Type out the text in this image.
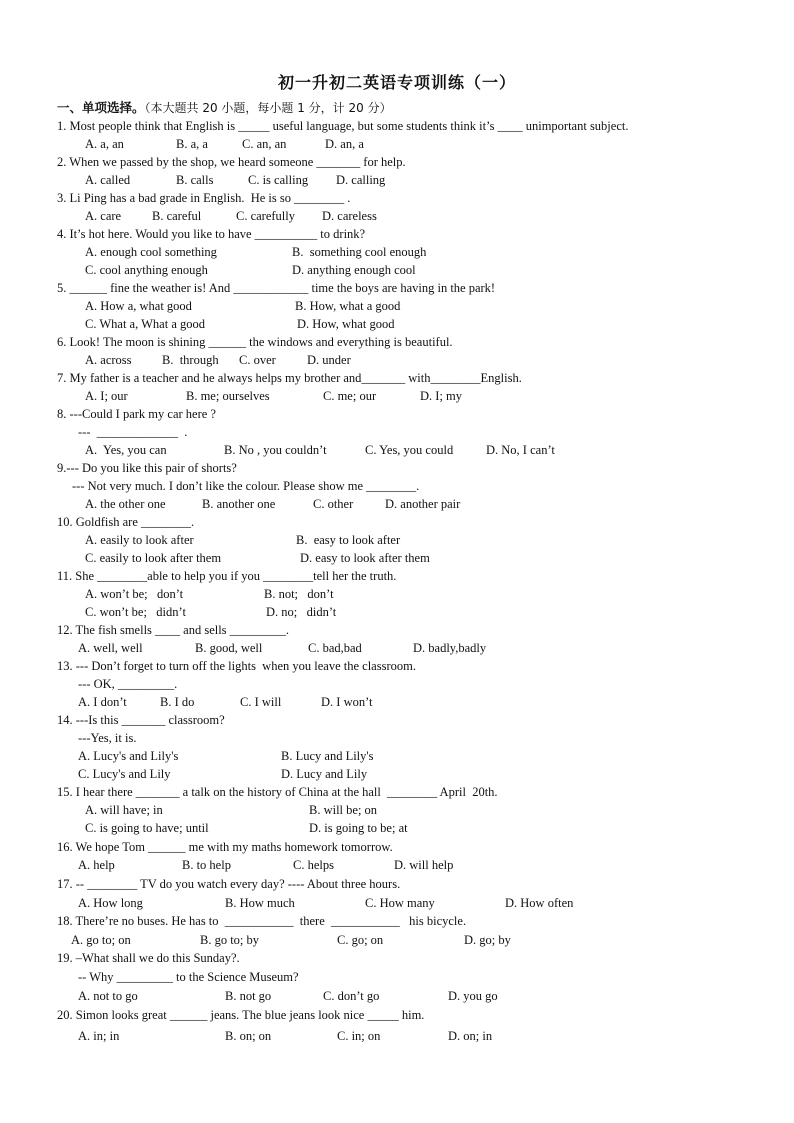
初一升初二英语专项训练（一）
一、单项选择。（本大题共 20 小题，每小题 1 分，计 20 分）
1. Most people think that English is _____ useful language, but some students think it’s ____ unimportant subject.
A. a, an	B. a, a	C. an, an	D. an, a
2. When we passed by the shop, we heard someone _______ for help.
A. called	B. calls	C. is calling D. calling
3. Li Ping has a bad grade in English.  He is so ________ .
A. care B. careful	C. carefully D. careless
4. It’s hot here. Would you like to have __________ to drink?
A. enough cool something	B.  something cool enough
C. cool anything enough	D. anything enough cool
5. ______ fine the weather is! And ____________ time the boys are having in the park!
A. How a, what good	B. How, what a good
C. What a, What a good	D. How, what good
6. Look! The moon is shining ______ the windows and everything is beautiful.
A. across B.  through C. over D. under
7. My father is a teacher and he always helps my brother and_______ with________English.
A. I; our	B. me; ourselves	C. me; our	D. I; my
8. ---Could I park my car here ?
---  _____________  .
A.  Yes, you can	B. No , you couldn’t	C. Yes, you could	D. No, I can’t
9.--- Do you like this pair of shorts?
--- Not very much. I don’t like the colour. Please show me ________.
A. the other one	B. another one	C. other	D. another pair
10. Goldfish are ________.
A. easily to look after	B.  easy to look after
C. easily to look after them	D. easy to look after them
11. She ________able to help you if you ________tell her the truth.
A. won’t be;   don’t	B. not;   don’t
C. won’t be;   didn’t	D. no;   didn’t
12. The fish smells ____ and sells _________.
A. well, well	B. good, well	C. bad,bad	D. badly,badly
13. --- Don’t forget to turn off the lights  when you leave the classroom.
--- OK, _________.
A. I don’t	B. I do	C. I will	D. I won’t
14. ---Is this _______ classroom?
---Yes, it is.
A. Lucy's and Lily's	B. Lucy and Lily's
C. Lucy's and Lily	D. Lucy and Lily
15. I hear there _______ a talk on the history of China at the hall  ________ April  20th.
A. will have; in	B. will be; on
C. is going to have; until	D. is going to be; at
16. We hope Tom ______ me with my maths homework tomorrow.
A. help	B. to help	C. helps	D. will help
17. -- ________ TV do you watch every day? ---- About three hours.
A. How long	B. How much	C. How many	D. How often
18. There’re no buses. He has to  ___________  there  ___________   his bicycle.
A. go to; on	B. go to; by	C. go; on	D. go; by
19. –What shall we do this Sunday?.
-- Why _________ to the Science Museum?
A. not to go	B. not go	C. don’t go	D. you go
20. Simon looks great ______ jeans. The blue jeans look nice _____ him.
A. in; in	B. on; on	C. in; on	D. on; in
